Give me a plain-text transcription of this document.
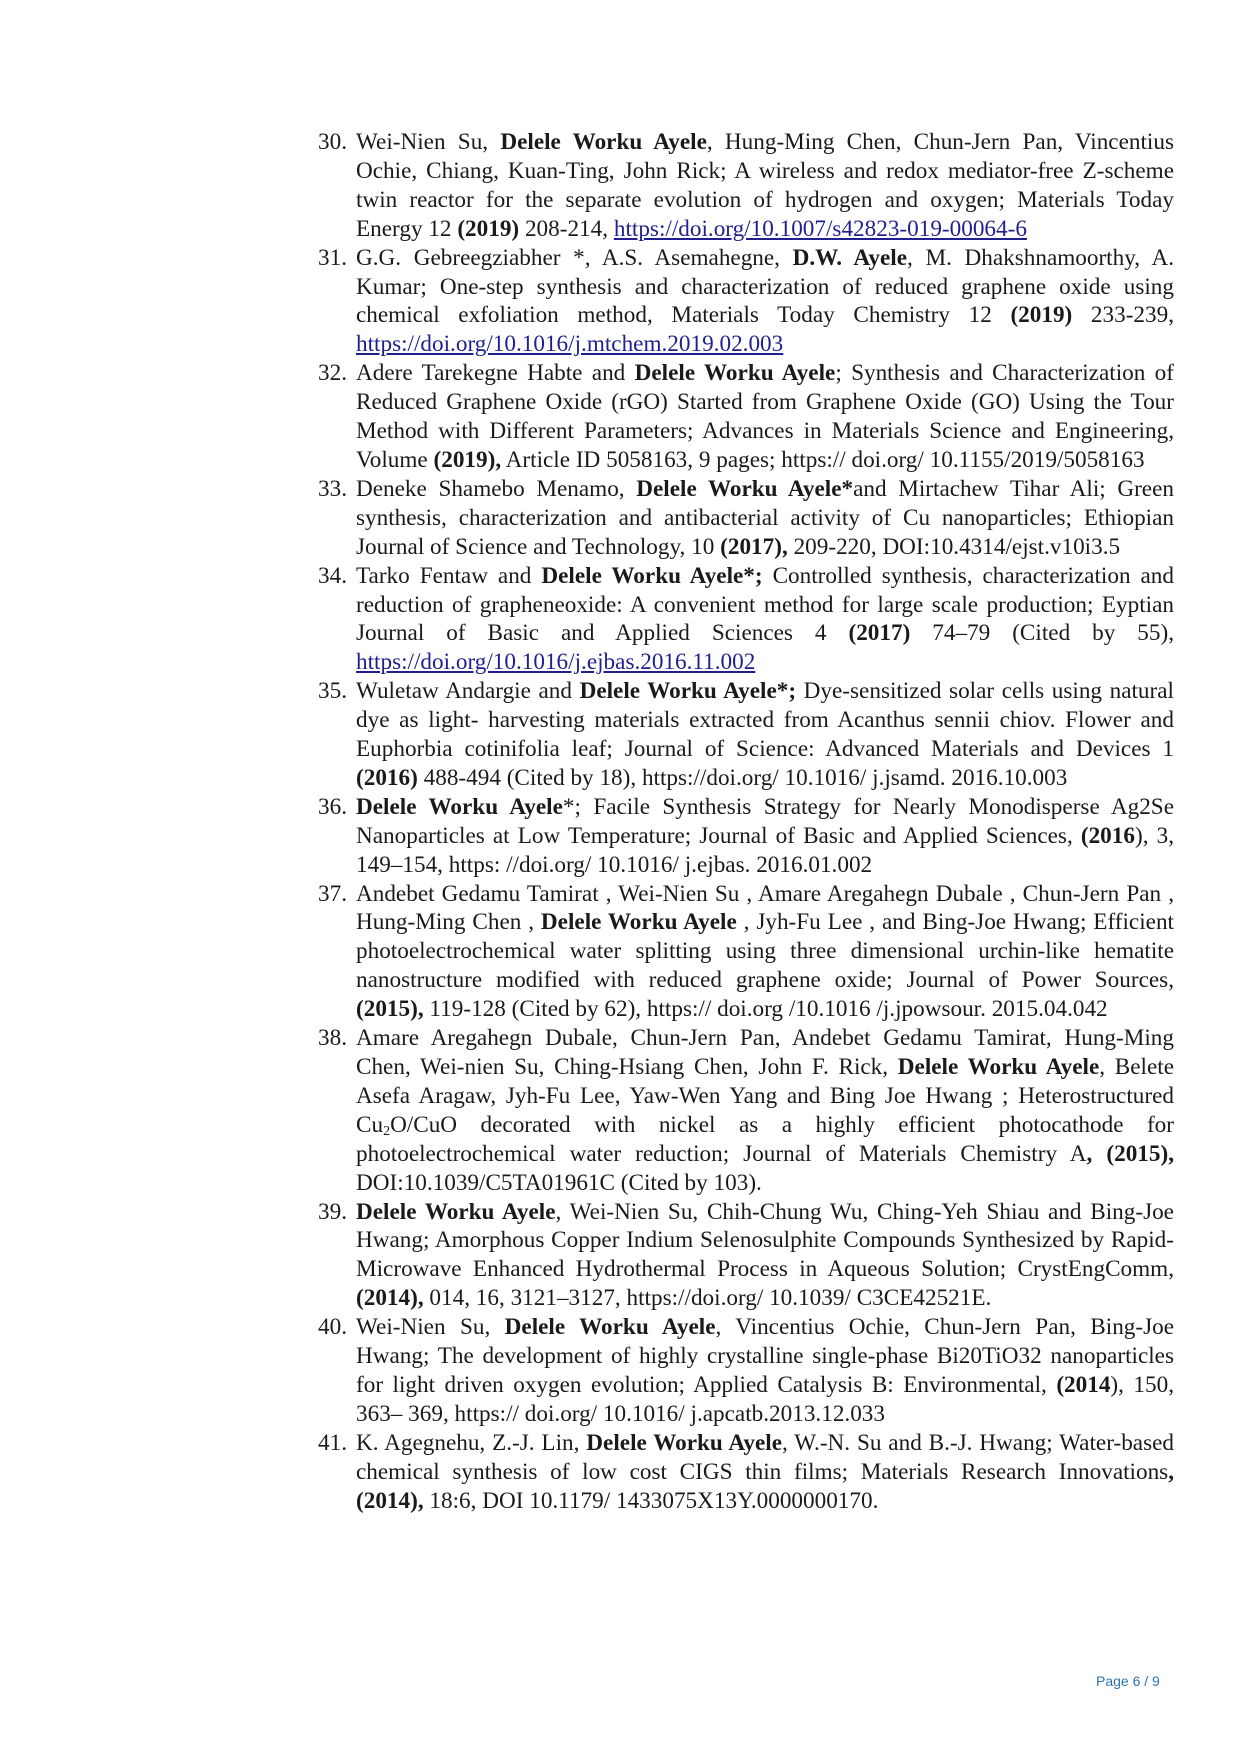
30. Wei-Nien Su, Delele Worku Ayele, Hung-Ming Chen, Chun-Jern Pan, Vincentius Ochie, Chiang, Kuan-Ting, John Rick; A wireless and redox mediator-free Z-scheme twin reactor for the separate evolution of hydrogen and oxygen; Materials Today Energy 12 (2019) 208-214, https://doi.org/10.1007/s42823-019-00064-6
31. G.G. Gebreegziabher *, A.S. Asemahegne, D.W. Ayele, M. Dhakshnamoorthy, A. Kumar; One-step synthesis and characterization of reduced graphene oxide using chemical exfoliation method, Materials Today Chemistry 12 (2019) 233-239, https://doi.org/10.1016/j.mtchem.2019.02.003
32. Adere Tarekegne Habte and Delele Worku Ayele; Synthesis and Characterization of Reduced Graphene Oxide (rGO) Started from Graphene Oxide (GO) Using the Tour Method with Different Parameters; Advances in Materials Science and Engineering, Volume (2019), Article ID 5058163, 9 pages; https:// doi.org/ 10.1155/2019/5058163
33. Deneke Shamebo Menamo, Delele Worku Ayele*and Mirtachew Tihar Ali; Green synthesis, characterization and antibacterial activity of Cu nanoparticles; Ethiopian Journal of Science and Technology, 10 (2017), 209-220, DOI:10.4314/ejst.v10i3.5
34. Tarko Fentaw and Delele Worku Ayele*; Controlled synthesis, characterization and reduction of grapheneoxide: A convenient method for large scale production; Eyptian Journal of Basic and Applied Sciences 4 (2017) 74–79 (Cited by 55), https://doi.org/10.1016/j.ejbas.2016.11.002
35. Wuletaw Andargie and Delele Worku Ayele*; Dye-sensitized solar cells using natural dye as light- harvesting materials extracted from Acanthus sennii chiov. Flower and Euphorbia cotinifolia leaf; Journal of Science: Advanced Materials and Devices 1 (2016) 488-494 (Cited by 18), https://doi.org/ 10.1016/ j.jsamd. 2016.10.003
36. Delele Worku Ayele*; Facile Synthesis Strategy for Nearly Monodisperse Ag2Se Nanoparticles at Low Temperature; Journal of Basic and Applied Sciences, (2016), 3, 149–154, https: //doi.org/ 10.1016/ j.ejbas. 2016.01.002
37. Andebet Gedamu Tamirat , Wei-Nien Su , Amare Aregahegn Dubale , Chun-Jern Pan , Hung-Ming Chen , Delele Worku Ayele , Jyh-Fu Lee , and Bing-Joe Hwang; Efficient photoelectrochemical water splitting using three dimensional urchin-like hematite nanostructure modified with reduced graphene oxide; Journal of Power Sources, (2015), 119-128 (Cited by 62), https:// doi.org /10.1016 /j.jpowsour. 2015.04.042
38. Amare Aregahegn Dubale, Chun-Jern Pan, Andebet Gedamu Tamirat, Hung-Ming Chen, Wei-nien Su, Ching-Hsiang Chen, John F. Rick, Delele Worku Ayele, Belete Asefa Aragaw, Jyh-Fu Lee, Yaw-Wen Yang and Bing Joe Hwang ; Heterostructured $Cu_2O$/CuO decorated with nickel as a highly efficient photocathode for photoelectrochemical water reduction; Journal of Materials Chemistry A, (2015), DOI:10.1039/C5TA01961C (Cited by 103).
39. Delele Worku Ayele, Wei-Nien Su, Chih-Chung Wu, Ching-Yeh Shiau and Bing-Joe Hwang; Amorphous Copper Indium Selenosulphite Compounds Synthesized by Rapid- Microwave Enhanced Hydrothermal Process in Aqueous Solution; CrystEngComm, (2014), 014, 16, 3121–3127, https://doi.org/ 10.1039/ C3CE42521E.
40. Wei-Nien Su, Delele Worku Ayele, Vincentius Ochie, Chun-Jern Pan, Bing-Joe Hwang; The development of highly crystalline single-phase Bi20TiO32 nanoparticles for light driven oxygen evolution; Applied Catalysis B: Environmental, (2014), 150, 363– 369, https:// doi.org/ 10.1016/ j.apcatb.2013.12.033
41. K. Agegnehu, Z.-J. Lin, Delele Worku Ayele, W.-N. Su and B.-J. Hwang; Water-based chemical synthesis of low cost CIGS thin films; Materials Research Innovations, (2014), 18:6, DOI 10.1179/ 1433075X13Y.0000000170.
Page 6 / 9
